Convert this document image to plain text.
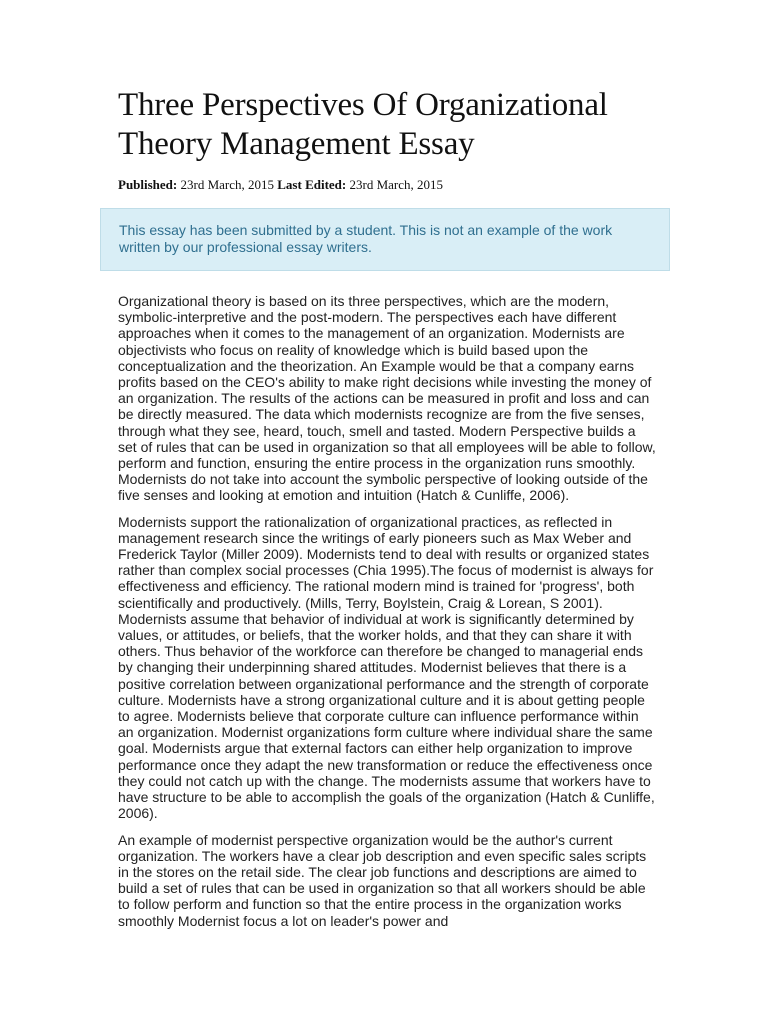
Three Perspectives Of Organizational Theory Management Essay
Published: 23rd March, 2015 Last Edited: 23rd March, 2015
This essay has been submitted by a student. This is not an example of the work written by our professional essay writers.

Organizational theory is based on its three perspectives, which are the modern, symbolic-interpretive and the post-modern. The perspectives each have different approaches when it comes to the management of an organization. Modernists are objectivists who focus on reality of knowledge which is build based upon the conceptualization and the theorization. An Example would be that a company earns profits based on the CEO's ability to make right decisions while investing the money of an organization. The results of the actions can be measured in profit and loss and can be directly measured. The data which modernists recognize are from the five senses, through what they see, heard, touch, smell and tasted. Modern Perspective builds a set of rules that can be used in organization so that all employees will be able to follow, perform and function, ensuring the entire process in the organization runs smoothly. Modernists do not take into account the symbolic perspective of looking outside of the five senses and looking at emotion and intuition (Hatch & Cunliffe, 2006).

Modernists support the rationalization of organizational practices, as reflected in management research since the writings of early pioneers such as Max Weber and Frederick Taylor (Miller 2009). Modernists tend to deal with results or organized states rather than complex social processes (Chia 1995).The focus of modernist is always for effectiveness and efficiency. The rational modern mind is trained for 'progress', both scientifically and productively. (Mills, Terry, Boylstein, Craig & Lorean, S 2001). Modernists assume that behavior of individual at work is significantly determined by values, or attitudes, or beliefs, that the worker holds, and that they can share it with others. Thus behavior of the workforce can therefore be changed to managerial ends by changing their underpinning shared attitudes. Modernist believes that there is a positive correlation between organizational performance and the strength of corporate culture. Modernists have a strong organizational culture and it is about getting people to agree. Modernists believe that corporate culture can influence performance within an organization. Modernist organizations form culture where individual share the same goal. Modernists argue that external factors can either help organization to improve performance once they adapt the new transformation or reduce the effectiveness once they could not catch up with the change. The modernists assume that workers have to have structure to be able to accomplish the goals of the organization (Hatch & Cunliffe, 2006).

An example of modernist perspective organization would be the author's current organization. The workers have a clear job description and even specific sales scripts in the stores on the retail side. The clear job functions and descriptions are aimed to build a set of rules that can be used in organization so that all workers should be able to follow perform and function so that the entire process in the organization works smoothly Modernist focus a lot on leader's power and
